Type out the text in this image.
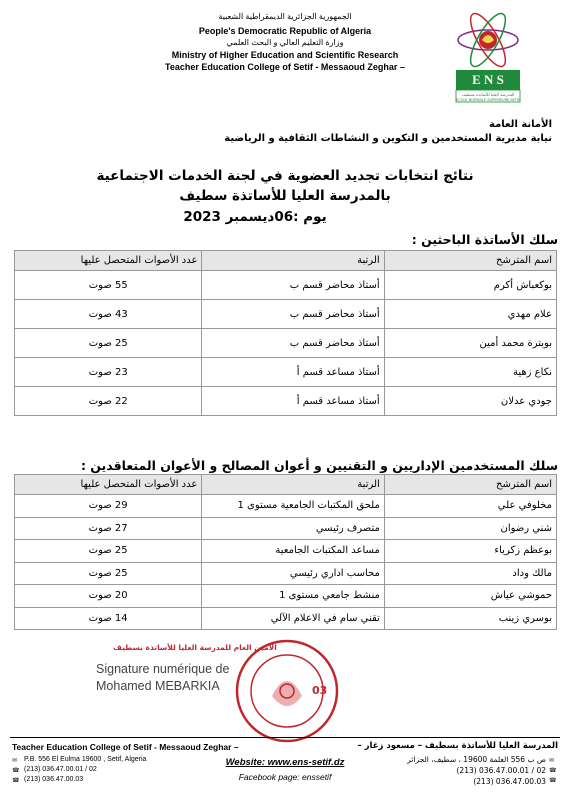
الجمهورية الجزائرية الديمقراطية الشعبية
People's Democratic Republic of Algeria
وزارة التعليم العالي و البحث العلمي
Ministry of Higher Education and Scientific Research
Teacher Education College of Setif - Messaoud Zeghar –
E N S
المدرسة العليا للأساتذة بسطيف
ECOLE NORMALE SUPERIEURE SETIF
الأمانة العامة
نيابة مديرية المستخدمين و التكوين و النشاطات الثقافية و الرياضية
نتائج انتخابات تجديد العضوية في لجنة الخدمات الاجتماعية
بالمدرسة العليا للأساتذة سطيف
يوم :06ديسمبر 2023
سلك الأساتذة الباحثين :
اسم المترشح	الرتبة	عدد الأصوات المتحصل عليها
بوكعباش أكرم	أستاذ محاضر قسم ب	55 صوت
علام مهدي	أستاذ محاضر قسم ب	43 صوت
بوبترة محمد أمين	أستاذ محاضر قسم ب	25 صوت
نكاع زهية	أستاذ مساعد قسم أ	23 صوت
جودي عدلان	أستاذ مساعد قسم أ	22 صوت
سلك المستخدمين الإداريين و التقنيين و أعوان المصالح و الأعوان المتعاقدين :
اسم المترشح	الرتبة	عدد الأصوات المتحصل عليها
مخلوفي علي	ملحق المكتبات الجامعية مستوى 1	29 صوت
شني رضوان	متصرف رئيسي	27 صوت
بوعظم زكرياء	مساعد المكتبات الجامعية	25 صوت
مالك وداد	محاسب اداري رئيسي	25 صوت
حموشي عياش	منشط جامعي مستوى 1	20 صوت
بوسري زينب	تقني سام في الاعلام الآلي	14 صوت
03
الأمين العام للمدرسة العليا للأساتذة بسطيف
Signature numérique de
Mohamed MEBARKIA
Teacher Education College of Setif - Messaoud Zeghar –
✉
☎
☎
P.B. 556 El Eulma 19600 , Setif, Algeria
(213) 036.47.00.01 / 02
(213) 036.47.00.03
Website: www.ens-setif.dz
Facebook page: enssetif
المدرسة العليا للأساتذة بسطيف – مسعود زغار –
ص ب 556 العلمة 19600 ، سطيف، الجزائر
(213) 036.47.00.01 / 02
(213) 036.47.00.03
✉
☎
☎
